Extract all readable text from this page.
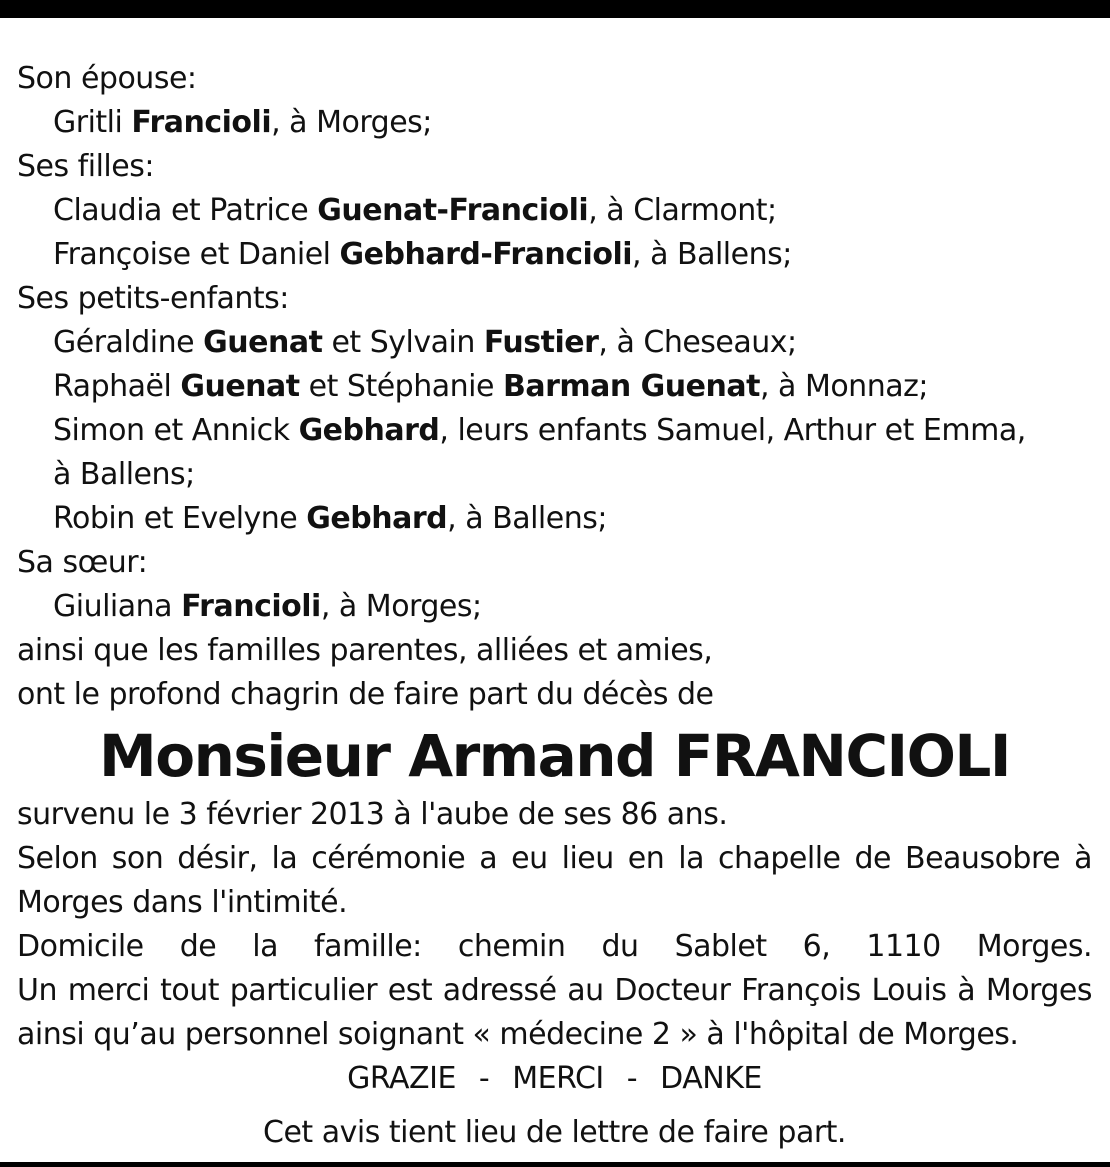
Son épouse:
Gritli Francioli, à Morges;
Ses filles:
Claudia et Patrice Guenat-Francioli, à Clarmont;
Françoise et Daniel Gebhard-Francioli, à Ballens;
Ses petits-enfants:
Géraldine Guenat et Sylvain Fustier, à Cheseaux;
Raphaël Guenat et Stéphanie Barman Guenat, à Monnaz;
Simon et Annick Gebhard, leurs enfants Samuel, Arthur et Emma,
à Ballens;
Robin et Evelyne Gebhard, à Ballens;
Sa sœur:
Giuliana Francioli, à Morges;
ainsi que les familles parentes, alliées et amies,
ont le profond chagrin de faire part du décès de
Monsieur Armand FRANCIOLI
survenu le 3 février 2013 à l'aube de ses 86 ans.
Selon son désir, la cérémonie a eu lieu en la chapelle de Beausobre à Morges dans l'intimité.
Domicile de la famille: chemin du Sablet 6, 1110 Morges.
Un merci tout particulier est adressé au Docteur François Louis à Morges ainsi qu’au personnel soignant « médecine 2 » à l'hôpital de Morges.
GRAZIE - MERCI - DANKE
Cet avis tient lieu de lettre de faire part.
